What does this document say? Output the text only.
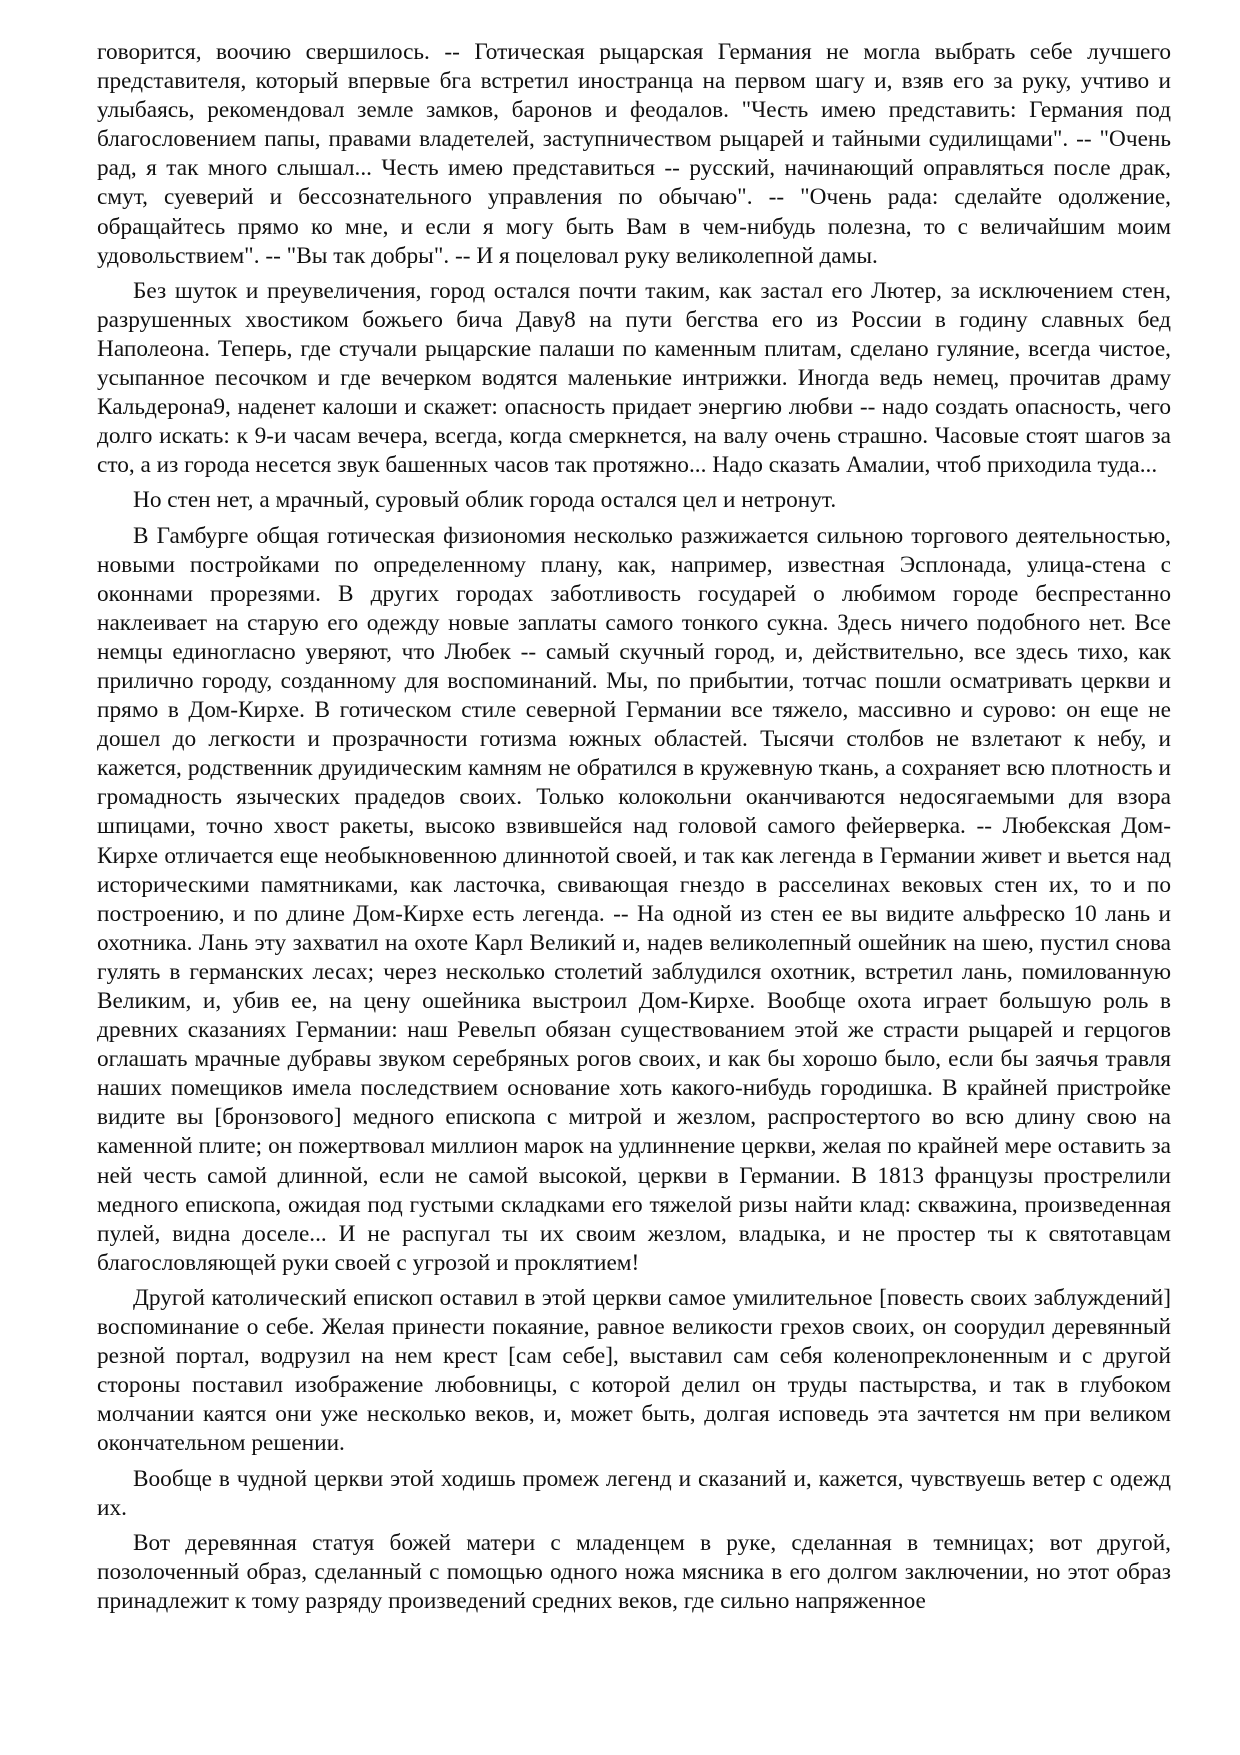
говорится, воочию свершилось. -- Готическая рыцарская Германия не могла выбрать себе лучшего представителя, который впервые бга встретил иностранца на первом шагу и, взяв его за руку, учтиво и улыбаясь, рекомендовал земле замков, баронов и феодалов. "Честь имею представить: Германия под благословением папы, правами владетелей, заступничеством рыцарей и тайными судилищами". -- "Очень рад, я так много слышал... Честь имею представиться -- русский, начинающий оправляться после драк, смут, суеверий и бессознательного управления по обычаю". -- "Очень рада: сделайте одолжение, обращайтесь прямо ко мне, и если я могу быть Вам в чем-нибудь полезна, то с величайшим моим удовольствием". -- "Вы так добры". -- И я поцеловал руку великолепной дамы.

Без шуток и преувеличения, город остался почти таким, как застал его Лютер, за исключением стен, разрушенных хвостиком божьего бича Даву8 на пути бегства его из России в годину славных бед Наполеона. Теперь, где стучали рыцарские палаши по каменным плитам, сделано гуляние, всегда чистое, усыпанное песочком и где вечерком водятся маленькие интрижки. Иногда ведь немец, прочитав драму Кальдерона9, наденет калоши и скажет: опасность придает энергию любви -- надо создать опасность, чего долго искать: к 9-и часам вечера, всегда, когда смеркнется, на валу очень страшно. Часовые стоят шагов за сто, а из города несется звук башенных часов так протяжно... Надо сказать Амалии, чтоб приходила туда...

Но стен нет, а мрачный, суровый облик города остался цел и нетронут.

В Гамбурге общая готическая физиономия несколько разжижается сильною торгового деятельностью, новыми постройками по определенному плану, как, например, известная Эсплонада, улица-стена с оконнами прорезями. В других городах заботливость государей о любимом городе беспрестанно наклеивает на старую его одежду новые заплаты самого тонкого сукна. Здесь ничего подобного нет. Все немцы единогласно уверяют, что Любек -- самый скучный город, и, действительно, все здесь тихо, как прилично городу, созданному для воспоминаний. Мы, по прибытии, тотчас пошли осматривать церкви и прямо в Дом-Кирхе. В готическом стиле северной Германии все тяжело, массивно и сурово: он еще не дошел до легкости и прозрачности готизма южных областей. Тысячи столбов не взлетают к небу, и кажется, родственник друидическим камням не обратился в кружевную ткань, а сохраняет всю плотность и громадность языческих прадедов своих. Только колокольни оканчиваются недосягаемыми для взора шпицами, точно хвост ракеты, высоко взвившейся над головой самого фейерверка. -- Любекская Дом-Кирхе отличается еще необыкновенною длиннотой своей, и так как легенда в Германии живет и вьется над историческими памятниками, как ласточка, свивающая гнездо в расселинах вековых стен их, то и по построению, и по длине Дом-Кирхе есть легенда. -- На одной из стен ее вы видите альфреско 10 лань и охотника. Лань эту захватил на охоте Карл Великий и, надев великолепный ошейник на шею, пустил снова гулять в германских лесах; через несколько столетий заблудился охотник, встретил лань, помилованную Великим, и, убив ее, на цену ошейника выстроил Дом-Кирхе. Вообще охота играет большую роль в древних сказаниях Германии: наш Ревельп обязан существованием этой же страсти рыцарей и герцогов оглашать мрачные дубравы звуком серебряных рогов своих, и как бы хорошо было, если бы заячья травля наших помещиков имела последствием основание хоть какого-нибудь городишка. В крайней пристройке видите вы [бронзового] медного епископа с митрой и жезлом, распростертого во всю длину свою на каменной плите; он пожертвовал миллион марок на удлиннение церкви, желая по крайней мере оставить за ней честь самой длинной, если не самой высокой, церкви в Германии. В 1813 французы прострелили медного епископа, ожидая под густыми складками его тяжелой ризы найти клад: скважина, произведенная пулей, видна доселе... И не распугал ты их своим жезлом, владыка, и не простер ты к святотавцам благословляющей руки своей с угрозой и проклятием!

Другой католический епископ оставил в этой церкви самое умилительное [повесть своих заблуждений] воспоминание о себе. Желая принести покаяние, равное великости грехов своих, он соорудил деревянный резной портал, водрузил на нем крест [сам себе], выставил сам себя коленопреклоненным и с другой стороны поставил изображение любовницы, с которой делил он труды пастырства, и так в глубоком молчании каятся они уже несколько веков, и, может быть, долгая исповедь эта зачтется нм при великом окончательном решении.

Вообще в чудной церкви этой ходишь промеж легенд и сказаний и, кажется, чувствуешь ветер с одежд их.

Вот деревянная статуя божей матери с младенцем в руке, сделанная в темницах; вот другой, позолоченный образ, сделанный с помощью одного ножа мясника в его долгом заключении, но этот образ принадлежит к тому разряду произведений средних веков, где сильно напряженное
